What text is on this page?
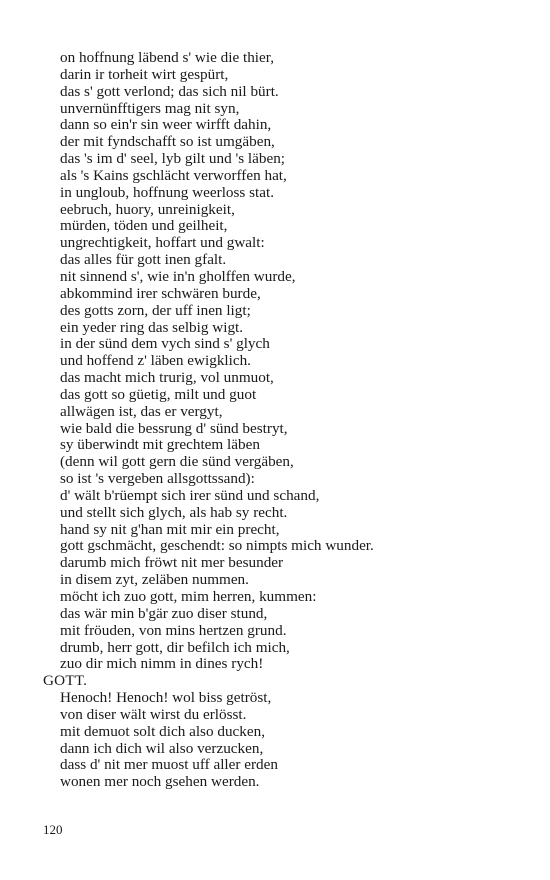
on hoffnung läbend s' wie die thier,
darin ir torheit wirt gespürt,
das s' gott verlond; das sich nil bürt.
unvernünfftigers mag nit syn,
dann so ein'r sin weer wirfft dahin,
der mit fyndschafft so ist umgäben,
das 's im d' seel, lyb gilt und 's läben;
als 's Kains gschlächt verworffen hat,
in ungloub, hoffnung weerloss stat.
eebruch, huory, unreinigkeit,
mürden, töden und geilheit,
ungrechtigkeit, hoffart und gwalt:
das alles für gott inen gfalt.
nit sinnend s', wie in'n gholffen wurde,
abkommind irer schwären burde,
des gotts zorn, der uff inen ligt;
ein yeder ring das selbig wigt.
in der sünd dem vych sind s' glych
und hoffend z' läben ewigklich.
das macht mich trurig, vol unmuot,
das gott so güetig, milt und guot
allwägen ist, das er vergyt,
wie bald die bessrung d' sünd bestryt,
sy überwindt mit grechtem läben
(denn wil gott gern die sünd vergäben,
so ist 's vergeben allsgottssand):
d' wält b'rüempt sich irer sünd und schand,
und stellt sich glych, als hab sy recht.
hand sy nit g'han mit mir ein precht,
gott gschmächt, geschendt: so nimpts mich wunder.
darumb mich fröwt nit mer besunder
in disem zyt, zeläben nummen.
möcht ich zuo gott, mim herren, kummen:
das wär min b'gär zuo diser stund,
mit fröuden, von mins hertzen grund.
drumb, herr gott, dir befilch ich mich,
zuo dir mich nimm in dines rych!
GOTT.
Henoch! Henoch! wol biss getröst,
von diser wält wirst du erlösst.
mit demuot solt dich also ducken,
dann ich dich wil also verzucken,
dass d' nit mer muost uff aller erden
wonen mer noch gsehen werden.
120
